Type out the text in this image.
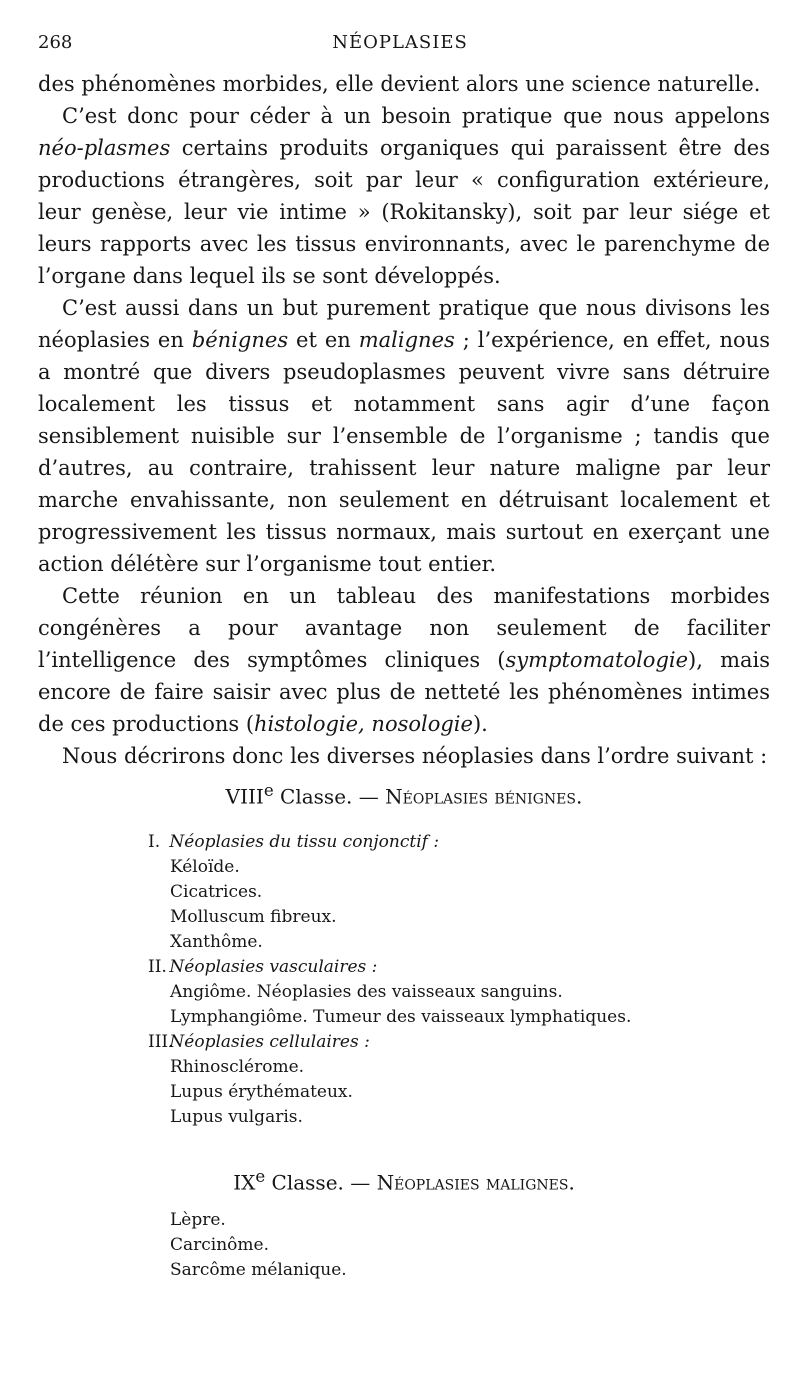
268	NÉOPLASIES

des phénomènes morbides, elle devient alors une science naturelle.

C’est donc pour céder à un besoin pratique que nous appelons néo-plasmes certains produits organiques qui paraissent être des productions étrangères, soit par leur « configuration extérieure, leur genèse, leur vie intime » (Rokitansky), soit par leur siége et leurs rapports avec les tissus environnants, avec le parenchyme de l’organe dans lequel ils se sont développés.

C’est aussi dans un but purement pratique que nous divisons les néoplasies en bénignes et en malignes ; l’expérience, en effet, nous a montré que divers pseudoplasmes peuvent vivre sans détruire localement les tissus et notamment sans agir d’une façon sensiblement nuisible sur l’ensemble de l’organisme ; tandis que d’autres, au contraire, trahissent leur nature maligne par leur marche envahissante, non seulement en détruisant localement et progressivement les tissus normaux, mais surtout en exerçant une action délétère sur l’organisme tout entier.

Cette réunion en un tableau des manifestations morbides congénères a pour avantage non seulement de faciliter l’intelligence des symptômes cliniques (symptomatologie), mais encore de faire saisir avec plus de netteté les phénomènes intimes de ces productions (histologie, nosologie).

Nous décrirons donc les diverses néoplasies dans l’ordre suivant :

VIIIe Classe. — Néoplasies bénignes.
I. Néoplasies du tissu conjonctif :
Kéloïde.
Cicatrices.
Molluscum fibreux.
Xanthôme.
II. Néoplasies vasculaires :
Angiôme. Néoplasies des vaisseaux sanguins.
Lymphangiôme. Tumeur des vaisseaux lymphatiques.
III. Néoplasies cellulaires :
Rhinosclérome.
Lupus érythémateux.
Lupus vulgaris.
IXe Classe. — Néoplasies malignes.
Lèpre.
Carcinôme.
Sarcôme mélanique.
